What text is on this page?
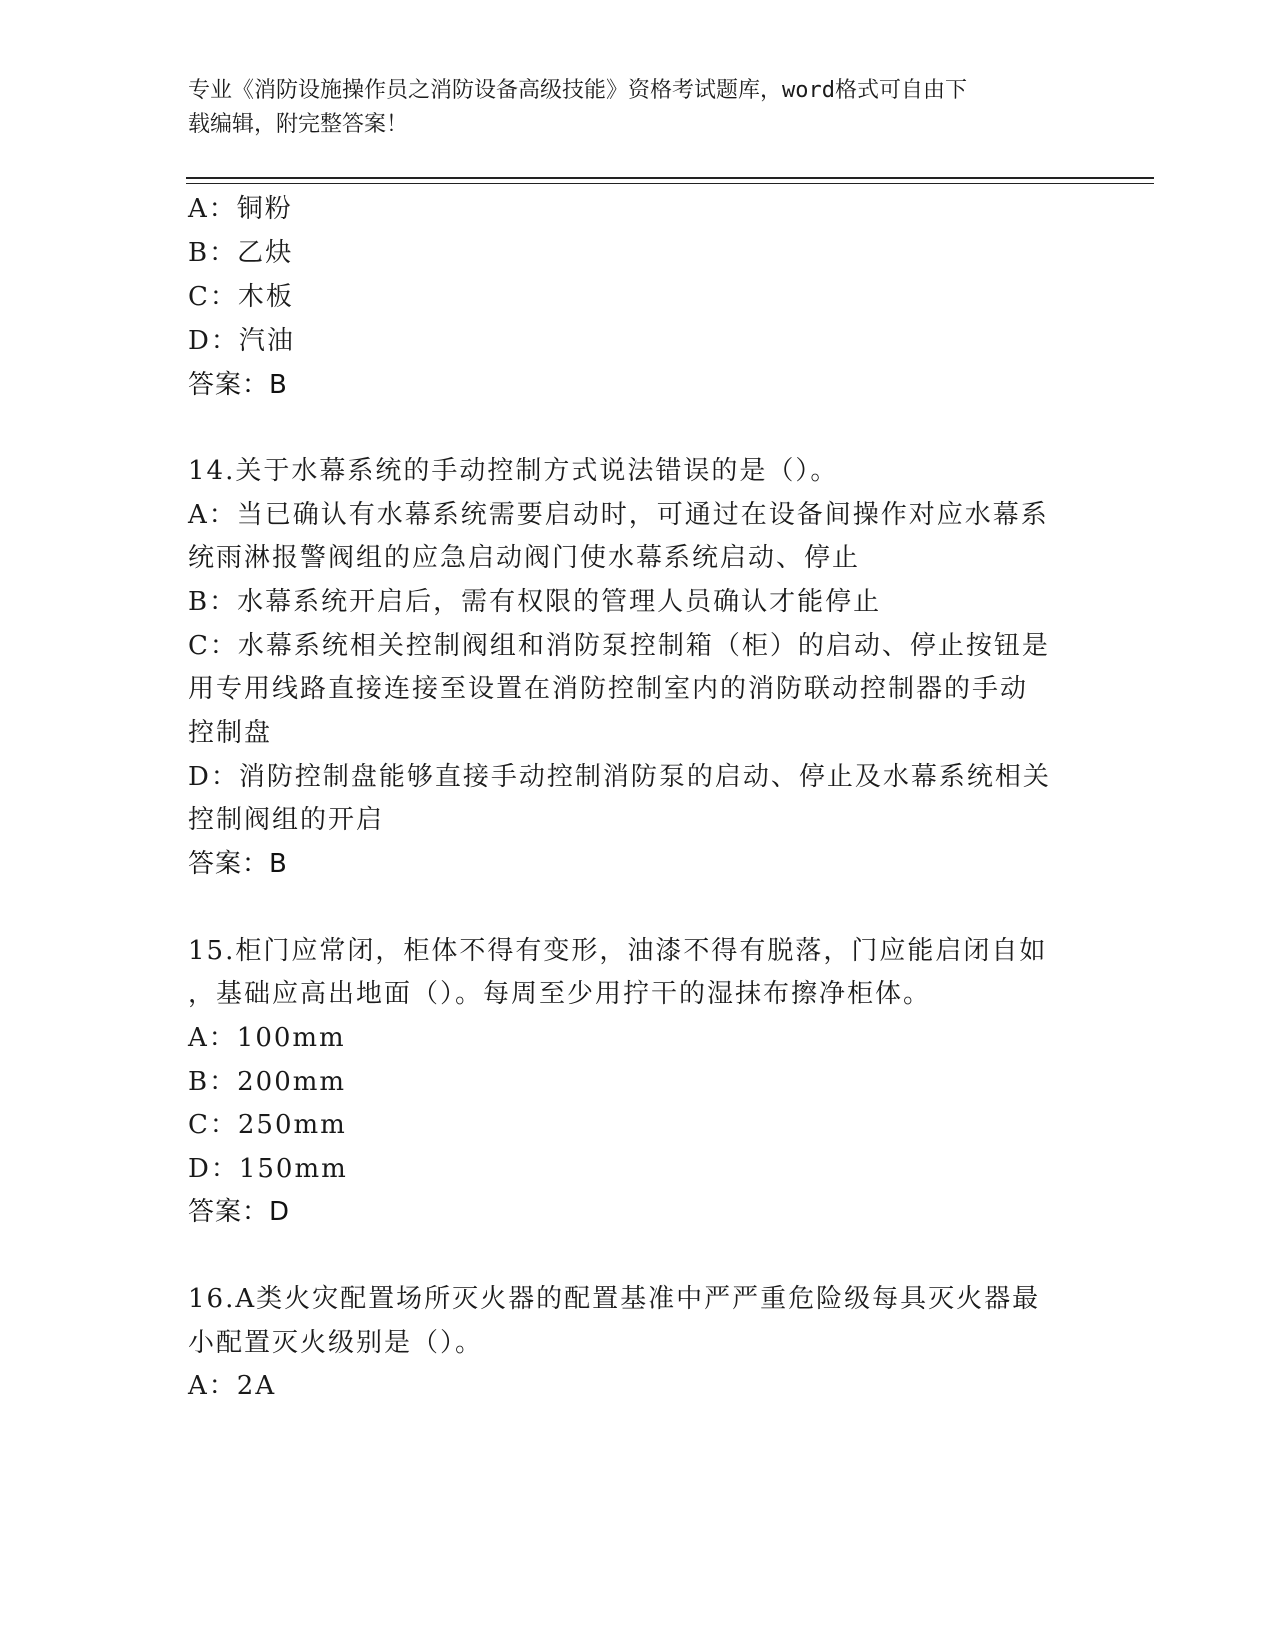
专业《消防设施操作员之消防设备高级技能》资格考试题库，word格式可自由下
载编辑，附完整答案！
A：铜粉
B：乙炔
C：木板
D：汽油
答案：B
14.关于水幕系统的手动控制方式说法错误的是（）。
A：当已确认有水幕系统需要启动时，可通过在设备间操作对应水幕系
统雨淋报警阀组的应急启动阀门使水幕系统启动、停止
B：水幕系统开启后，需有权限的管理人员确认才能停止
C：水幕系统相关控制阀组和消防泵控制箱（柜）的启动、停止按钮是
用专用线路直接连接至设置在消防控制室内的消防联动控制器的手动
控制盘
D：消防控制盘能够直接手动控制消防泵的启动、停止及水幕系统相关
控制阀组的开启
答案：B
15.柜门应常闭，柜体不得有变形，油漆不得有脱落，门应能启闭自如
，基础应高出地面（）。每周至少用拧干的湿抹布擦净柜体。
A：100mm
B：200mm
C：250mm
D：150mm
答案：D
16.A类火灾配置场所灭火器的配置基准中严严重危险级每具灭火器最
小配置灭火级别是（）。
A：2A
